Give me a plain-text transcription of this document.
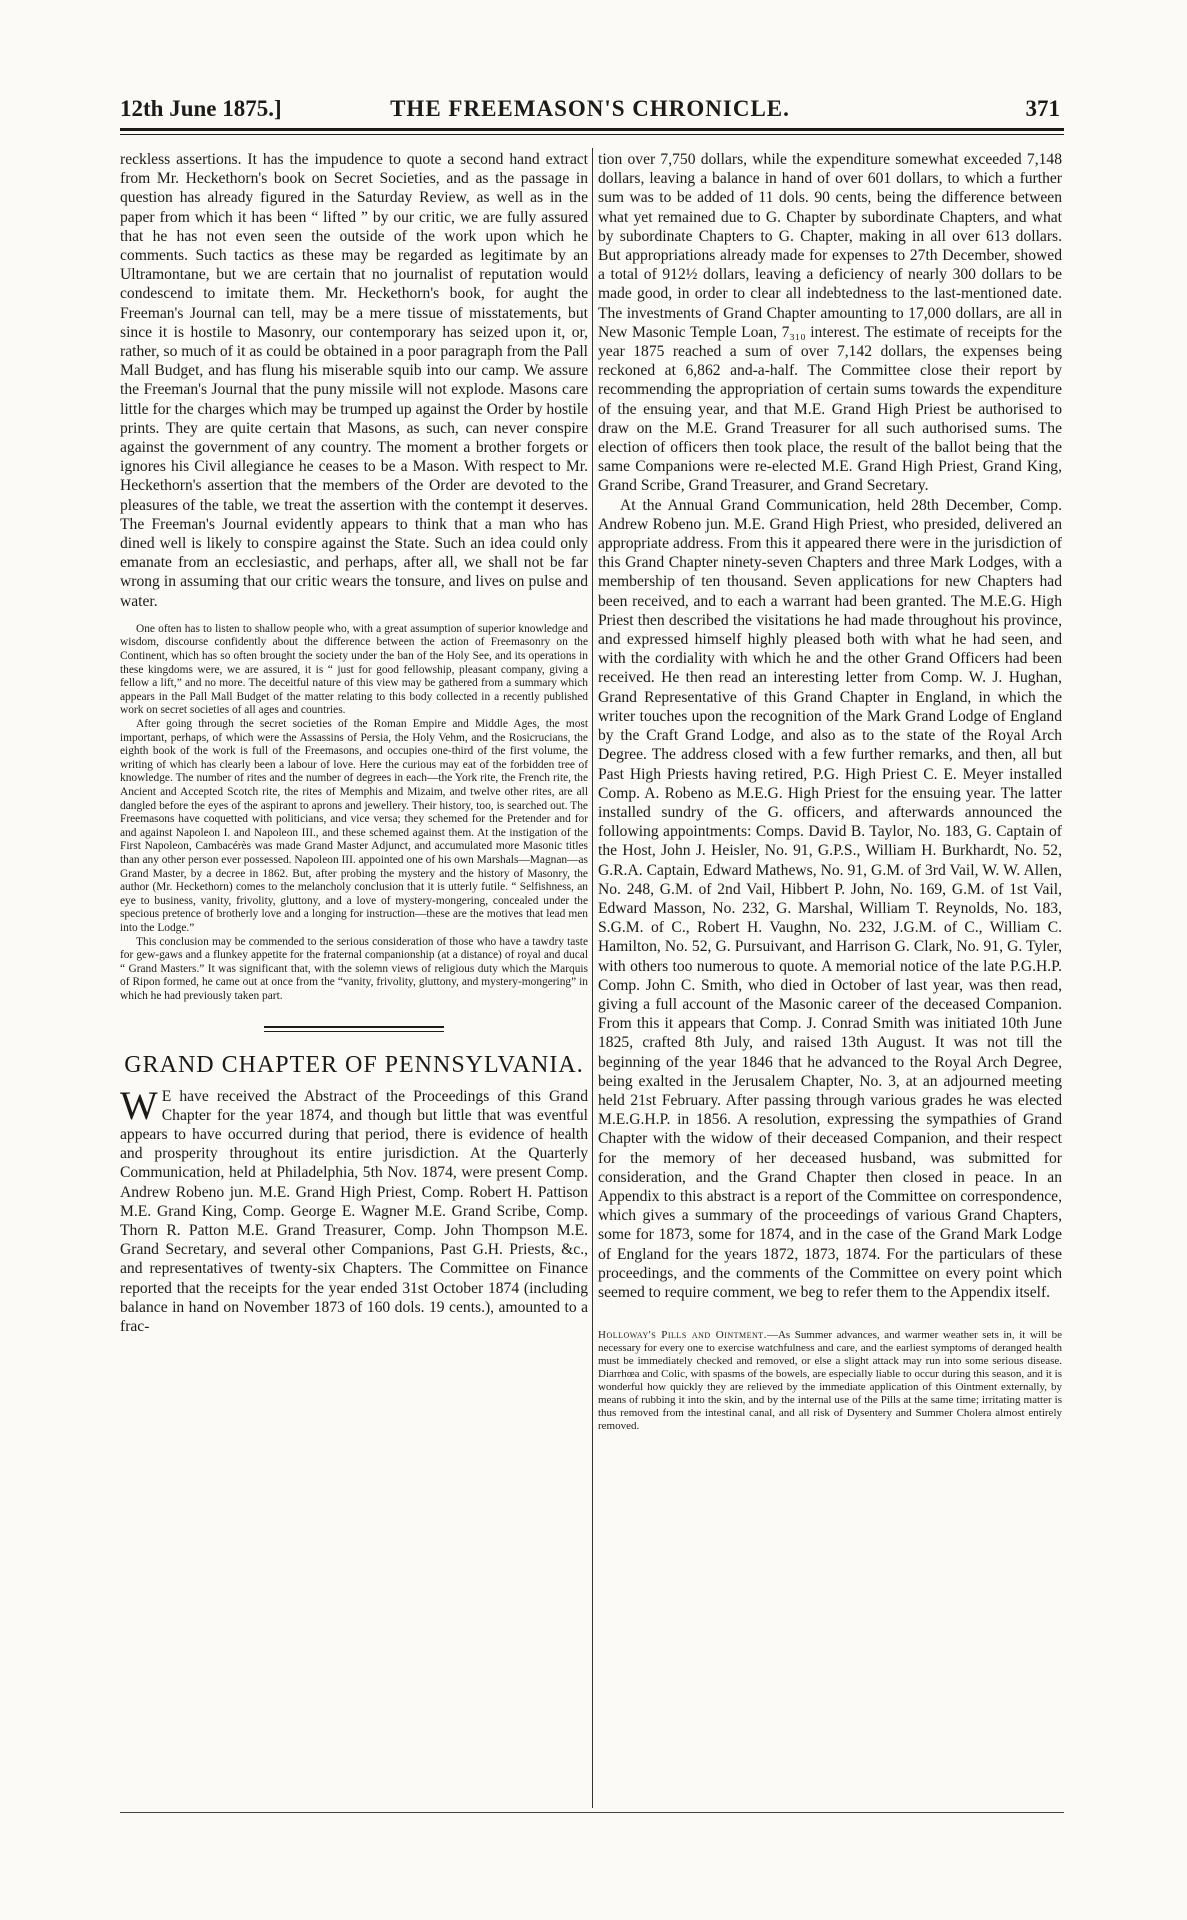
12th June 1875.]	THE FREEMASON'S CHRONICLE.	371

reckless assertions. It has the impudence to quote a second hand extract from Mr. Heckethorn's book on Secret Societies, and as the passage in question has already figured in the Saturday Review, as well as in the paper from which it has been “ lifted ” by our critic, we are fully assured that he has not even seen the outside of the work upon which he comments. Such tactics as these may be regarded as legitimate by an Ultramontane, but we are certain that no journalist of reputation would condescend to imitate them. Mr. Heckethorn's book, for aught the Freeman's Journal can tell, may be a mere tissue of misstatements, but since it is hostile to Masonry, our contemporary has seized upon it, or, rather, so much of it as could be obtained in a poor paragraph from the Pall Mall Budget, and has flung his miserable squib into our camp. We assure the Freeman's Journal that the puny missile will not explode. Masons care little for the charges which may be trumped up against the Order by hostile prints. They are quite certain that Masons, as such, can never conspire against the government of any country. The moment a brother forgets or ignores his Civil allegiance he ceases to be a Mason. With respect to Mr. Heckethorn's assertion that the members of the Order are devoted to the pleasures of the table, we treat the assertion with the contempt it deserves. The Freeman's Journal evidently appears to think that a man who has dined well is likely to conspire against the State. Such an idea could only emanate from an ecclesiastic, and perhaps, after all, we shall not be far wrong in assuming that our critic wears the tonsure, and lives on pulse and water.

One often has to listen to shallow people who, with a great assumption of superior knowledge and wisdom, discourse confidently about the difference between the action of Freemasonry on the Continent, which has so often brought the society under the ban of the Holy See, and its operations in these kingdoms were, we are assured, it is “ just for good fellowship, pleasant company, giving a fellow a lift,” and no more. The deceitful nature of this view may be gathered from a summary which appears in the Pall Mall Budget of the matter relating to this body collected in a recently published work on secret societies of all ages and countries.

After going through the secret societies of the Roman Empire and Middle Ages, the most important, perhaps, of which were the Assassins of Persia, the Holy Vehm, and the Rosicrucians, the eighth book of the work is full of the Freemasons, and occupies one-third of the first volume, the writing of which has clearly been a labour of love. Here the curious may eat of the forbidden tree of knowledge. The number of rites and the number of degrees in each—the York rite, the French rite, the Ancient and Accepted Scotch rite, the rites of Memphis and Mizaim, and twelve other rites, are all dangled before the eyes of the aspirant to aprons and jewellery. Their history, too, is searched out. The Freemasons have coquetted with politicians, and vice versa; they schemed for the Pretender and for and against Napoleon I. and Napoleon III., and these schemed against them. At the instigation of the First Napoleon, Cambacérès was made Grand Master Adjunct, and accumulated more Masonic titles than any other person ever possessed. Napoleon III. appointed one of his own Marshals—Magnan—as Grand Master, by a decree in 1862. But, after probing the mystery and the history of Masonry, the author (Mr. Heckethorn) comes to the melancholy conclusion that it is utterly futile. “ Selfishness, an eye to business, vanity, frivolity, gluttony, and a love of mystery-mongering, concealed under the specious pretence of brotherly love and a longing for instruction—these are the motives that lead men into the Lodge.”

This conclusion may be commended to the serious consideration of those who have a tawdry taste for gew-gaws and a flunkey appetite for the fraternal companionship (at a distance) of royal and ducal “ Grand Masters.” It was significant that, with the solemn views of religious duty which the Marquis of Ripon formed, he came out at once from the “vanity, frivolity, gluttony, and mystery-mongering” in which he had previously taken part.

GRAND CHAPTER OF PENNSYLVANIA.

W E have received the Abstract of the Proceedings of this Grand Chapter for the year 1874, and though but little that was eventful appears to have occurred during that period, there is evidence of health and prosperity throughout its entire jurisdiction. At the Quarterly Communication, held at Philadelphia, 5th Nov. 1874, were present Comp. Andrew Robeno jun. M.E. Grand High Priest, Comp. Robert H. Pattison M.E. Grand King, Comp. George E. Wagner M.E. Grand Scribe, Comp. Thorn R. Patton M.E. Grand Treasurer, Comp. John Thompson M.E. Grand Secretary, and several other Companions, Past G.H. Priests, &c., and representatives of twenty-six Chapters. The Committee on Finance reported that the receipts for the year ended 31st October 1874 (including balance in hand on November 1873 of 160 dols. 19 cents.), amounted to a frac-

tion over 7,750 dollars, while the expenditure somewhat exceeded 7,148 dollars, leaving a balance in hand of over 601 dollars, to which a further sum was to be added of 11 dols. 90 cents, being the difference between what yet remained due to G. Chapter by subordinate Chapters, and what by subordinate Chapters to G. Chapter, making in all over 613 dollars. But appropriations already made for expenses to 27th December, showed a total of 912½ dollars, leaving a deficiency of nearly 300 dollars to be made good, in order to clear all indebtedness to the last-mentioned date. The investments of Grand Chapter amounting to 17,000 dollars, are all in New Masonic Temple Loan, 7₃₁₀ interest. The estimate of receipts for the year 1875 reached a sum of over 7,142 dollars, the expenses being reckoned at 6,862 and-a-half. The Committee close their report by recommending the appropriation of certain sums towards the expenditure of the ensuing year, and that M.E. Grand High Priest be authorised to draw on the M.E. Grand Treasurer for all such authorised sums. The election of officers then took place, the result of the ballot being that the same Companions were re-elected M.E. Grand High Priest, Grand King, Grand Scribe, Grand Treasurer, and Grand Secretary.

At the Annual Grand Communication, held 28th December, Comp. Andrew Robeno jun. M.E. Grand High Priest, who presided, delivered an appropriate address. From this it appeared there were in the jurisdiction of this Grand Chapter ninety-seven Chapters and three Mark Lodges, with a membership of ten thousand. Seven applications for new Chapters had been received, and to each a warrant had been granted. The M.E.G. High Priest then described the visitations he had made throughout his province, and expressed himself highly pleased both with what he had seen, and with the cordiality with which he and the other Grand Officers had been received. He then read an interesting letter from Comp. W. J. Hughan, Grand Representative of this Grand Chapter in England, in which the writer touches upon the recognition of the Mark Grand Lodge of England by the Craft Grand Lodge, and also as to the state of the Royal Arch Degree. The address closed with a few further remarks, and then, all but Past High Priests having retired, P.G. High Priest C. E. Meyer installed Comp. A. Robeno as M.E.G. High Priest for the ensuing year. The latter installed sundry of the G. officers, and afterwards announced the following appointments: Comps. David B. Taylor, No. 183, G. Captain of the Host, John J. Heisler, No. 91, G.P.S., William H. Burkhardt, No. 52, G.R.A. Captain, Edward Mathews, No. 91, G.M. of 3rd Vail, W. W. Allen, No. 248, G.M. of 2nd Vail, Hibbert P. John, No. 169, G.M. of 1st Vail, Edward Masson, No. 232, G. Marshal, William T. Reynolds, No. 183, S.G.M. of C., Robert H. Vaughn, No. 232, J.G.M. of C., William C. Hamilton, No. 52, G. Pursuivant, and Harrison G. Clark, No. 91, G. Tyler, with others too numerous to quote. A memorial notice of the late P.G.H.P. Comp. John C. Smith, who died in October of last year, was then read, giving a full account of the Masonic career of the deceased Companion. From this it appears that Comp. J. Conrad Smith was initiated 10th June 1825, crafted 8th July, and raised 13th August. It was not till the beginning of the year 1846 that he advanced to the Royal Arch Degree, being exalted in the Jerusalem Chapter, No. 3, at an adjourned meeting held 21st February. After passing through various grades he was elected M.E.G.H.P. in 1856. A resolution, expressing the sympathies of Grand Chapter with the widow of their deceased Companion, and their respect for the memory of her deceased husband, was submitted for consideration, and the Grand Chapter then closed in peace. In an Appendix to this abstract is a report of the Committee on correspondence, which gives a summary of the proceedings of various Grand Chapters, some for 1873, some for 1874, and in the case of the Grand Mark Lodge of England for the years 1872, 1873, 1874. For the particulars of these proceedings, and the comments of the Committee on every point which seemed to require comment, we beg to refer them to the Appendix itself.

Holloway's Pills and Ointment.—As Summer advances, and warmer weather sets in, it will be necessary for every one to exercise watchfulness and care, and the earliest symptoms of deranged health must be immediately checked and removed, or else a slight attack may run into some serious disease. Diarrhœa and Colic, with spasms of the bowels, are especially liable to occur during this season, and it is wonderful how quickly they are relieved by the immediate application of this Ointment externally, by means of rubbing it into the skin, and by the internal use of the Pills at the same time; irritating matter is thus removed from the intestinal canal, and all risk of Dysentery and Summer Cholera almost entirely removed.
